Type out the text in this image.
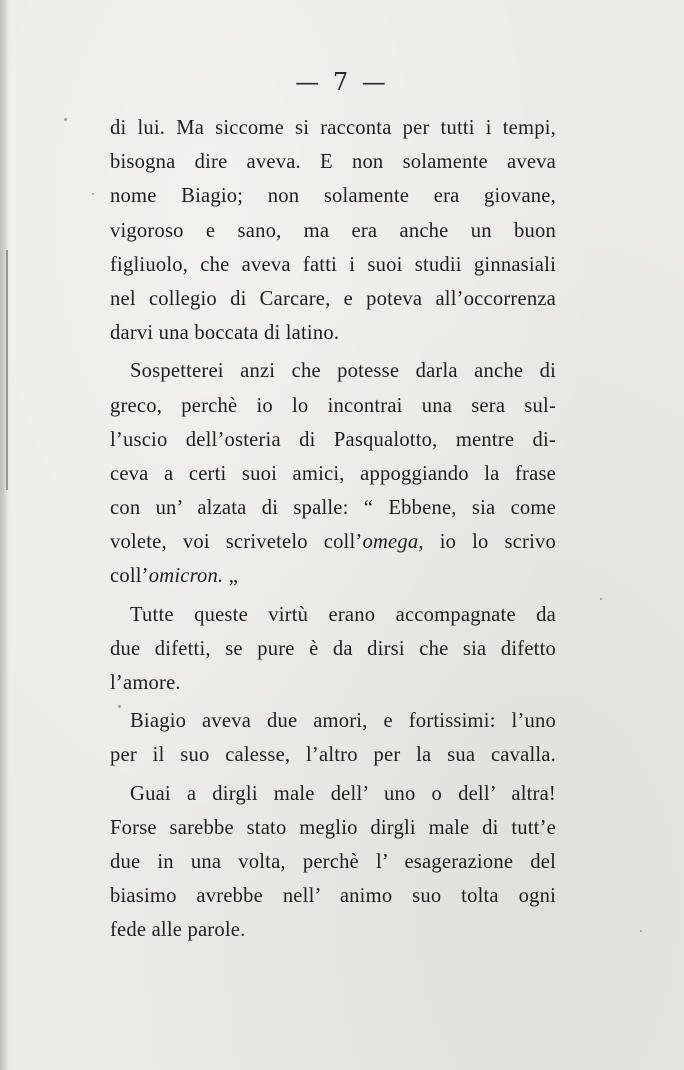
— 7 —
di lui. Ma siccome si racconta per tutti i tempi,
bisogna dire aveva. E non solamente aveva
nome Biagio; non solamente era giovane,
vigoroso e sano, ma era anche un buon
figliuolo, che aveva fatti i suoi studii ginnasiali
nel collegio di Carcare, e poteva all’occorrenza
darvi una boccata di latino.
Sospetterei anzi che potesse darla anche di
greco, perchè io lo incontrai una sera sul-
l’uscio dell’osteria di Pasqualotto, mentre di-
ceva a certi suoi amici, appoggiando la frase
con un’ alzata di spalle: “ Ebbene, sia come
volete, voi scrivetelo coll’omega, io lo scrivo
coll’omicron. „
Tutte queste virtù erano accompagnate da
due difetti, se pure è da dirsi che sia difetto
l’amore.
Biagio aveva due amori, e fortissimi: l’uno
per il suo calesse, l’altro per la sua cavalla.
Guai a dirgli male dell’ uno o dell’ altra!
Forse sarebbe stato meglio dirgli male di tutt’e
due in una volta, perchè l’ esagerazione del
biasimo avrebbe nell’ animo suo tolta ogni
fede alle parole.
